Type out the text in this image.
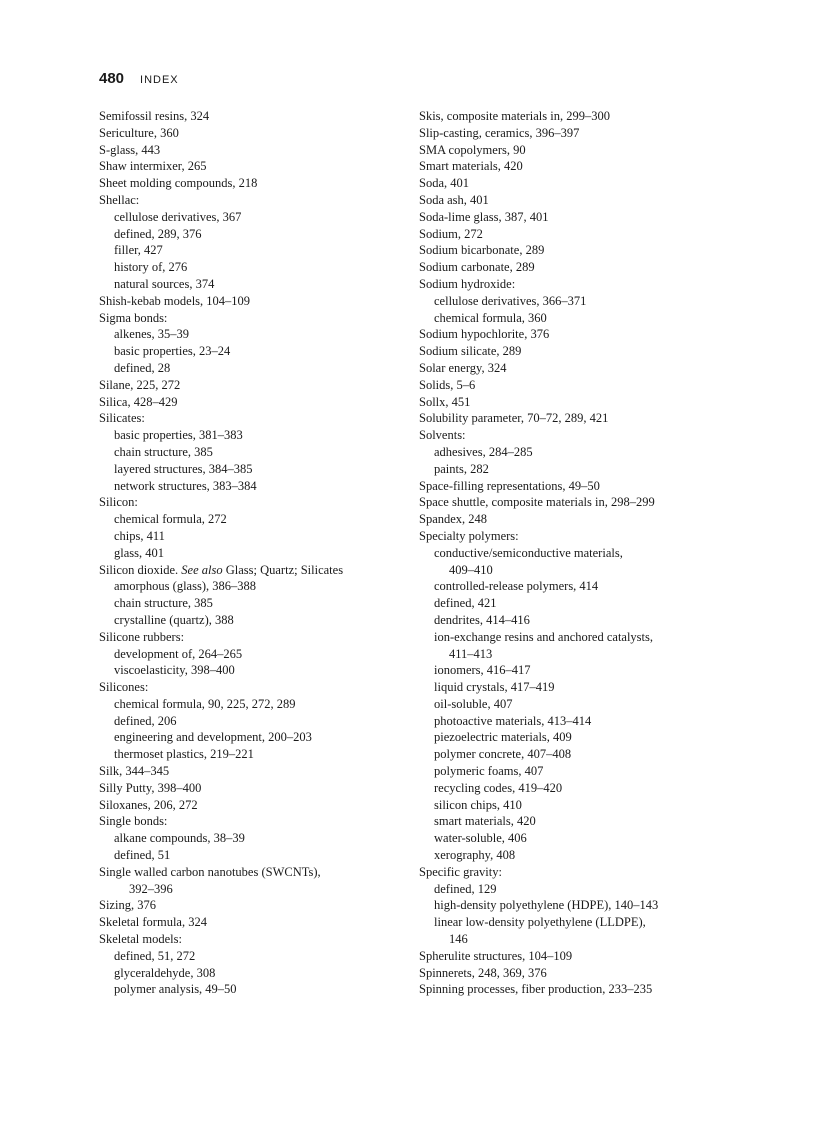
480 INDEX
Semifossil resins, 324
Sericulture, 360
S-glass, 443
Shaw intermixer, 265
Sheet molding compounds, 218
Shellac:
cellulose derivatives, 367
defined, 289, 376
filler, 427
history of, 276
natural sources, 374
Shish-kebab models, 104–109
Sigma bonds:
alkenes, 35–39
basic properties, 23–24
defined, 28
Silane, 225, 272
Silica, 428–429
Silicates:
basic properties, 381–383
chain structure, 385
layered structures, 384–385
network structures, 383–384
Silicon:
chemical formula, 272
chips, 411
glass, 401
Silicon dioxide. See also Glass; Quartz; Silicates
amorphous (glass), 386–388
chain structure, 385
crystalline (quartz), 388
Silicone rubbers:
development of, 264–265
viscoelasticity, 398–400
Silicones:
chemical formula, 90, 225, 272, 289
defined, 206
engineering and development, 200–203
thermoset plastics, 219–221
Silk, 344–345
Silly Putty, 398–400
Siloxanes, 206, 272
Single bonds:
alkane compounds, 38–39
defined, 51
Single walled carbon nanotubes (SWCNTs),
392–396
Sizing, 376
Skeletal formula, 324
Skeletal models:
defined, 51, 272
glyceraldehyde, 308
polymer analysis, 49–50
Skis, composite materials in, 299–300
Slip-casting, ceramics, 396–397
SMA copolymers, 90
Smart materials, 420
Soda, 401
Soda ash, 401
Soda-lime glass, 387, 401
Sodium, 272
Sodium bicarbonate, 289
Sodium carbonate, 289
Sodium hydroxide:
cellulose derivatives, 366–371
chemical formula, 360
Sodium hypochlorite, 376
Sodium silicate, 289
Solar energy, 324
Solids, 5–6
Sollx, 451
Solubility parameter, 70–72, 289, 421
Solvents:
adhesives, 284–285
paints, 282
Space-filling representations, 49–50
Space shuttle, composite materials in, 298–299
Spandex, 248
Specialty polymers:
conductive/semiconductive materials,
409–410
controlled-release polymers, 414
defined, 421
dendrites, 414–416
ion-exchange resins and anchored catalysts,
411–413
ionomers, 416–417
liquid crystals, 417–419
oil-soluble, 407
photoactive materials, 413–414
piezoelectric materials, 409
polymer concrete, 407–408
polymeric foams, 407
recycling codes, 419–420
silicon chips, 410
smart materials, 420
water-soluble, 406
xerography, 408
Specific gravity:
defined, 129
high-density polyethylene (HDPE), 140–143
linear low-density polyethylene (LLDPE),
146
Spherulite structures, 104–109
Spinnerets, 248, 369, 376
Spinning processes, fiber production, 233–235
